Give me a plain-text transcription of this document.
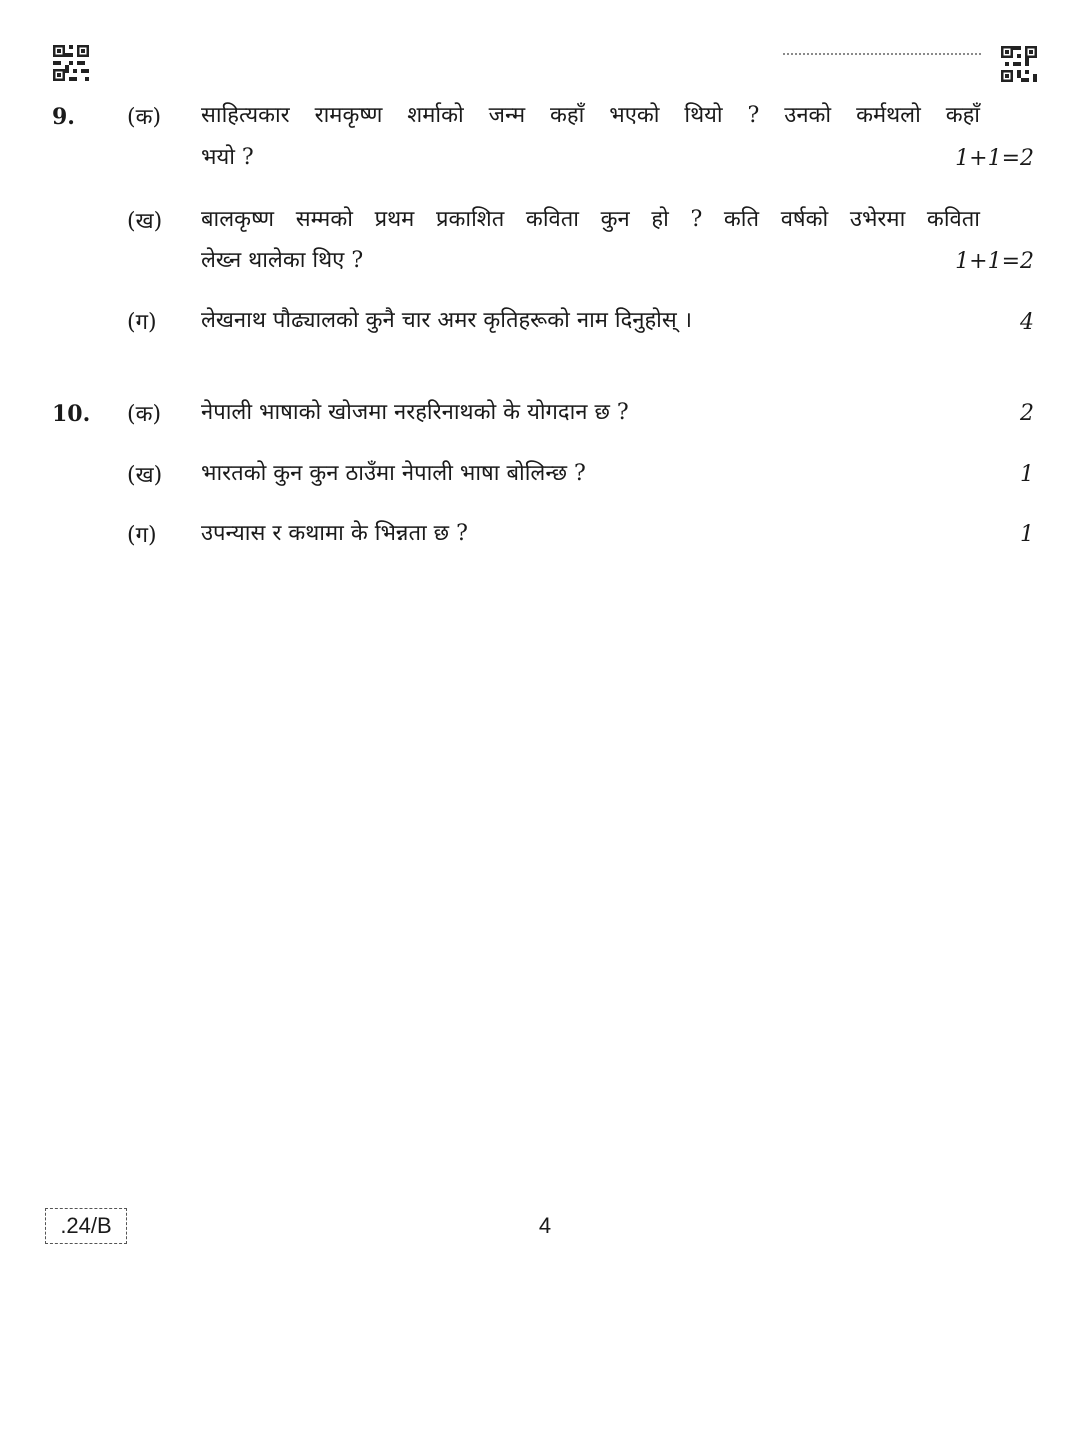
9. (क) साहित्यकार रामकृष्ण शर्माको जन्म कहाँ भएको थियो ? उनको कर्मथलो कहाँ
भयो ?	1+1=2
(ख) बालकृष्ण सम्मको प्रथम प्रकाशित कविता कुन हो ? कति वर्षको उभेरमा कविता
लेख्न थालेका थिए ?	1+1=2
(ग) लेखनाथ पौढ्यालको कुनै चार अमर कृतिहरूको नाम दिनुहोस् ।	4
10. (क) नेपाली भाषाको खोजमा नरहरिनाथको के योगदान छ ?	2
(ख) भारतको कुन कुन ठाउँमा नेपाली भाषा बोलिन्छ ?	1
(ग) उपन्यास र कथामा के भिन्नता छ ?	1
.24/B	4
